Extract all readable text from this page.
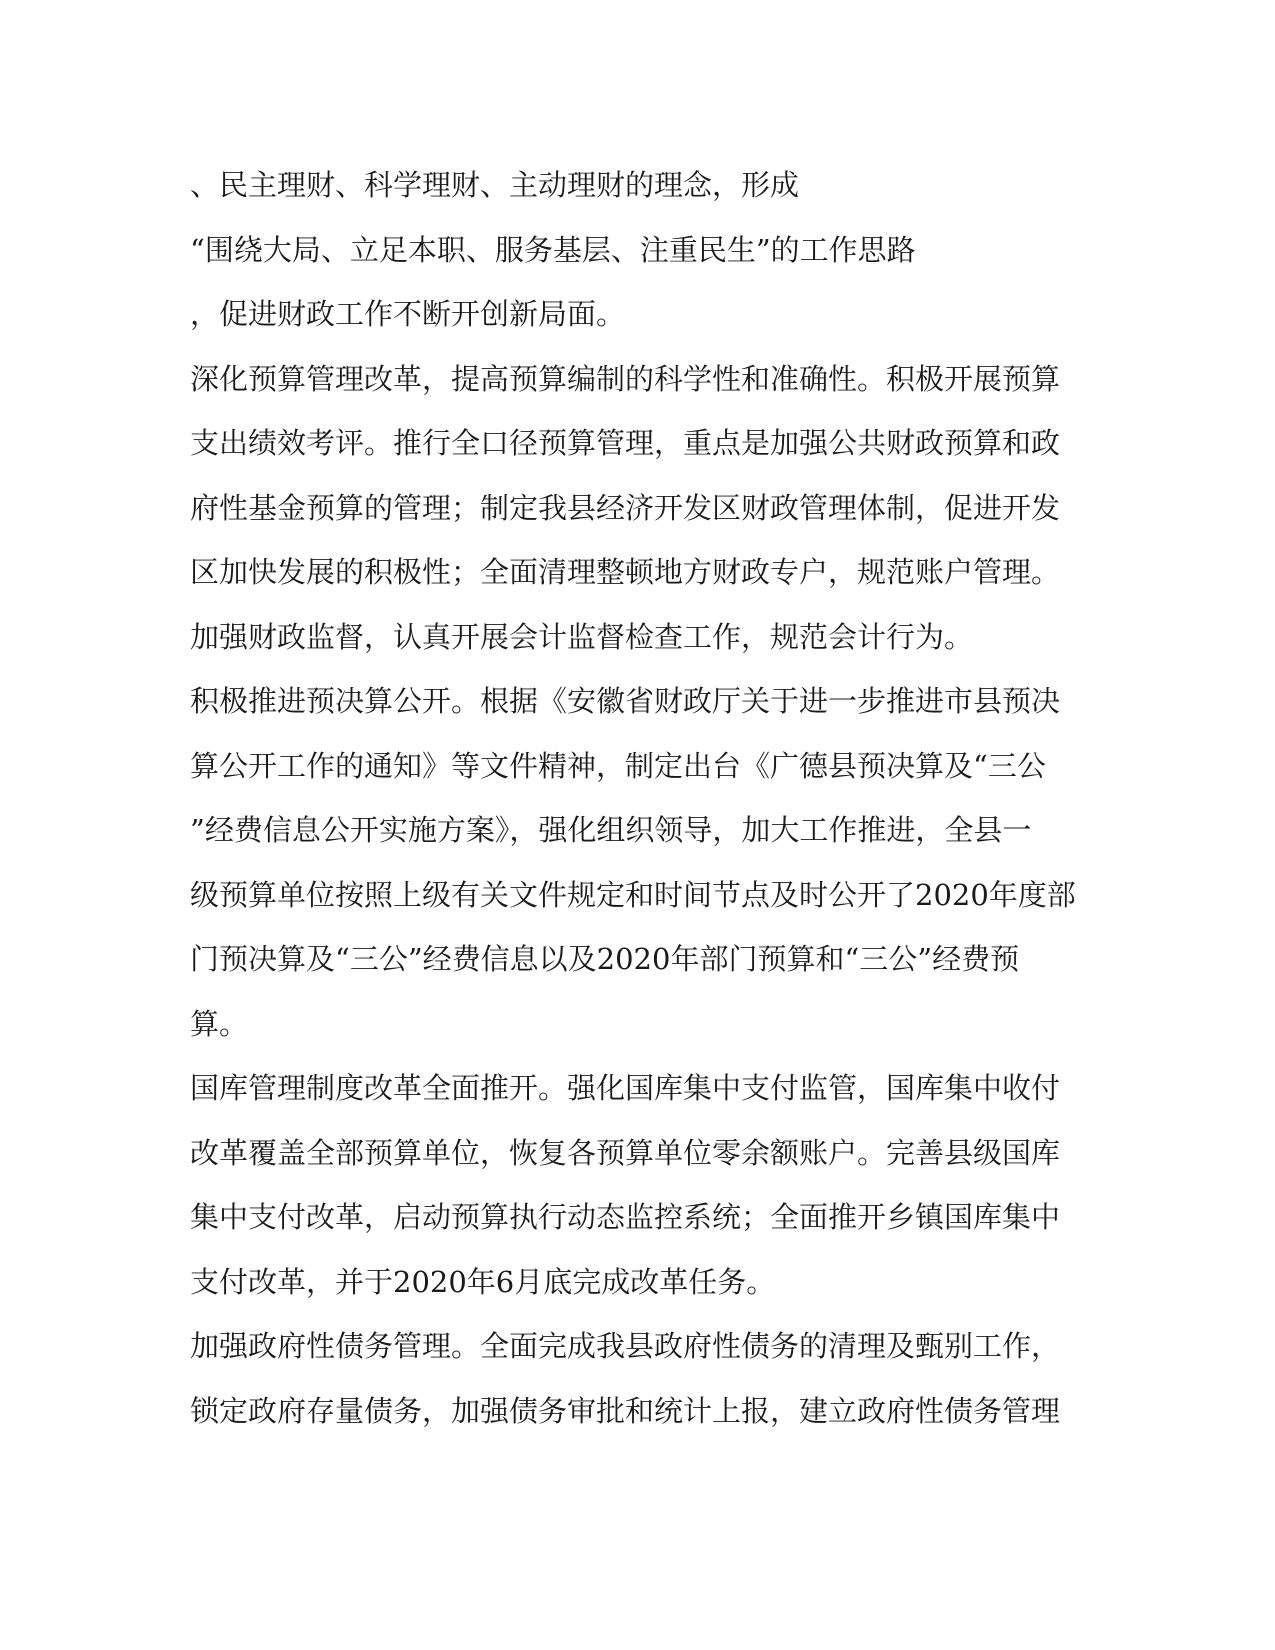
、民主理财、科学理财、主动理财的理念，形成
“围绕大局、立足本职、服务基层、注重民生”的工作思路
，促进财政工作不断开创新局面。
深化预算管理改革，提高预算编制的科学性和准确性。积极开展预算
支出绩效考评。推行全口径预算管理，重点是加强公共财政预算和政
府性基金预算的管理；制定我县经济开发区财政管理体制，促进开发
区加快发展的积极性；全面清理整顿地方财政专户，规范账户管理。
加强财政监督，认真开展会计监督检查工作，规范会计行为。
积极推进预决算公开。根据《安徽省财政厅关于进一步推进市县预决
算公开工作的通知》等文件精神，制定出台《广德县预决算及“三公
”经费信息公开实施方案》，强化组织领导，加大工作推进，全县一
级预算单位按照上级有关文件规定和时间节点及时公开了2020年度部
门预决算及“三公”经费信息以及2020年部门预算和“三公”经费预
算。
国库管理制度改革全面推开。强化国库集中支付监管，国库集中收付
改革覆盖全部预算单位，恢复各预算单位零余额账户。完善县级国库
集中支付改革，启动预算执行动态监控系统；全面推开乡镇国库集中
支付改革，并于2020年6月底完成改革任务。
加强政府性债务管理。全面完成我县政府性债务的清理及甄别工作，
锁定政府存量债务，加强债务审批和统计上报，建立政府性债务管理
